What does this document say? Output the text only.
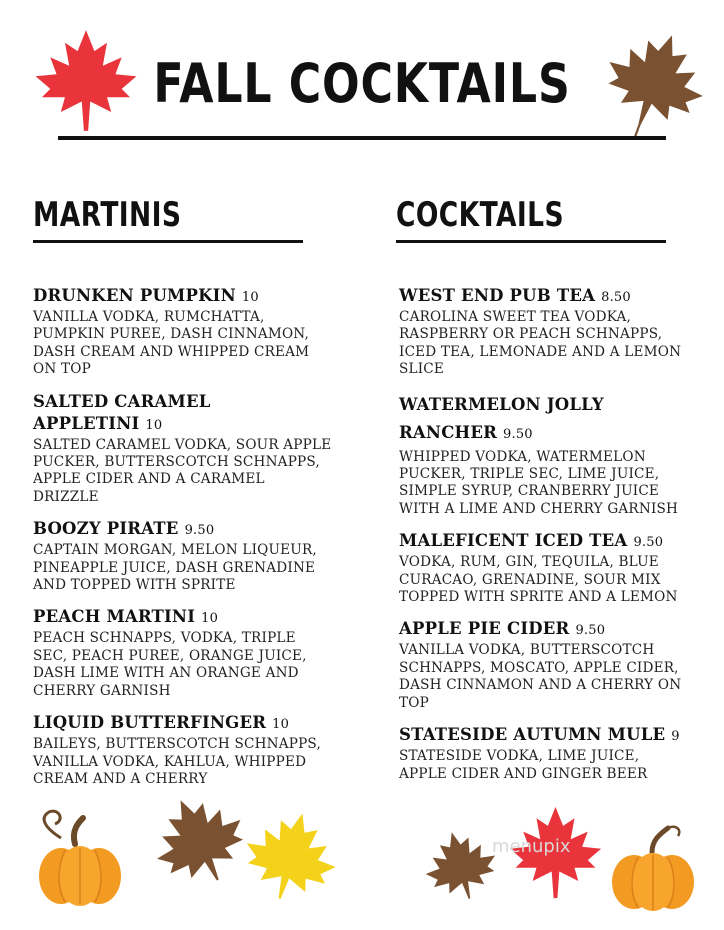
FALL COCKTAILS
MARTINIS	COCKTAILS
DRUNKEN PUMPKIN 10
VANILLA VODKA, RUMCHATTA, PUMPKIN PUREE, DASH CINNAMON, DASH CREAM AND WHIPPED CREAM ON TOP
SALTED CARAMEL APPLETINI 10
SALTED CARAMEL VODKA, SOUR APPLE PUCKER, BUTTERSCOTCH SCHNAPPS, APPLE CIDER AND A CARAMEL DRIZZLE
BOOZY PIRATE 9.50
CAPTAIN MORGAN, MELON LIQUEUR, PINEAPPLE JUICE, DASH GRENADINE AND TOPPED WITH SPRITE
PEACH MARTINI 10
PEACH SCHNAPPS, VODKA, TRIPLE SEC, PEACH PUREE, ORANGE JUICE, DASH LIME WITH AN ORANGE AND CHERRY GARNISH
LIQUID BUTTERFINGER 10
BAILEYS, BUTTERSCOTCH SCHNAPPS, VANILLA VODKA, KAHLUA, WHIPPED CREAM AND A CHERRY
WEST END PUB TEA 8.50
CAROLINA SWEET TEA VODKA, RASPBERRY OR PEACH SCHNAPPS, ICED TEA, LEMONADE AND A LEMON SLICE
WATERMELON JOLLY RANCHER 9.50
WHIPPED VODKA, WATERMELON PUCKER, TRIPLE SEC, LIME JUICE, SIMPLE SYRUP, CRANBERRY JUICE WITH A LIME AND CHERRY GARNISH
MALEFICENT ICED TEA 9.50
VODKA, RUM, GIN, TEQUILA, BLUE CURACAO, GRENADINE, SOUR MIX TOPPED WITH SPRITE AND A LEMON
APPLE PIE CIDER 9.50
VANILLA VODKA, BUTTERSCOTCH SCHNAPPS, MOSCATO, APPLE CIDER, DASH CINNAMON AND A CHERRY ON TOP
STATESIDE AUTUMN MULE 9
STATESIDE VODKA, LIME JUICE, APPLE CIDER AND GINGER BEER
menupix
